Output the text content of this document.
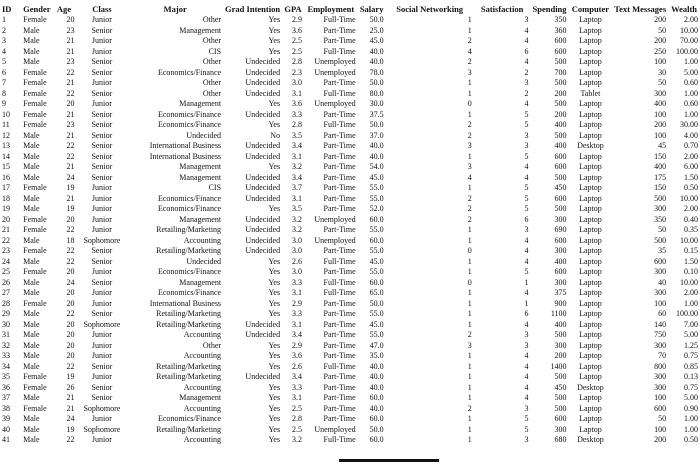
ID	Gender	Age	Class	Major	Grad Intention	GPA	Employment	Salary	Social Networking	Satisfaction	Spending	Computer	Text Messages	Wealth
1	Female	20	Junior	Other	Yes	2.9	Full-Time	50.0	1	3	350	Laptop	200	2.00
2	Male	23	Senior	Management	Yes	3.6	Part-Time	25.0	1	4	360	Laptop	50	10.00
3	Male	21	Junior	Other	Yes	2.5	Part-Time	45.0	2	4	600	Laptop	200	70.00
4	Male	21	Junior	CIS	Yes	2.5	Full-Time	40.0	4	6	600	Laptop	250	100.00
5	Male	23	Senior	Other	Undecided	2.8	Unemployed	40.0	2	4	500	Laptop	100	1.00
6	Female	22	Senior	Economics/Finance	Undecided	2.3	Unemployed	78.0	3	2	700	Laptop	30	5.00
7	Female	21	Junior	Other	Undecided	3.0	Part-Time	50.0	1	3	500	Laptop	50	0.60
8	Female	22	Senior	Other	Undecided	3.1	Full-Time	80.0	1	2	200	Tablet	300	1.00
9	Female	20	Junior	Management	Yes	3.6	Unemployed	30.0	0	4	500	Laptop	400	0.60
10	Female	21	Senior	Economics/Finance	Undecided	3.3	Part-Time	37.5	1	5	200	Laptop	100	1.00
11	Female	23	Senior	Economics/Finance	Yes	2.8	Full-Time	50.0	2	5	400	Laptop	200	30.00
12	Male	21	Senior	Undecided	No	3.5	Part-Time	37.0	2	3	500	Laptop	100	4.00
13	Male	22	Senior	International Business	Undecided	3.4	Part-Time	40.0	3	3	400	Desktop	45	0.70
14	Male	22	Senior	International Business	Undecided	3.1	Part-Time	40.0	1	5	600	Laptop	150	2.00
15	Male	21	Senior	Management	Yes	3.2	Part-Time	54.0	3	4	600	Laptop	400	6.00
16	Male	24	Senior	Management	Undecided	3.4	Part-Time	45.0	4	4	500	Laptop	175	1.50
17	Female	19	Junior	CIS	Undecided	3.7	Part-Time	55.0	1	5	450	Laptop	150	0.50
18	Male	21	Junior	Economics/Finance	Undecided	3.1	Part-Time	55.0	2	5	600	Laptop	500	10.00
19	Male	19	Junior	Economics/Finance	Yes	3.5	Part-Time	52.0	2	5	500	Laptop	300	2.00
20	Female	20	Junior	Management	Undecided	3.2	Unemployed	60.0	2	6	300	Laptop	350	0.40
21	Female	22	Junior	Retailing/Marketing	Undecided	3.2	Part-Time	55.0	1	3	690	Laptop	50	0.35
22	Male	18	Sophomore	Accounting	Undecided	3.0	Unemployed	60.0	1	4	600	Laptop	500	10.00
23	Female	22	Senior	Retailing/Marketing	Undecided	3.0	Part-Time	55.0	0	4	300	Laptop	35	0.15
24	Male	22	Senior	Undecided	Yes	2.6	Full-Time	45.0	1	4	400	Laptop	600	1.50
25	Female	20	Junior	Economics/Finance	Yes	3.0	Part-Time	55.0	1	5	600	Laptop	300	0.10
26	Male	24	Senior	Management	Yes	3.3	Full-Time	60.0	0	1	300	Laptop	40	10.00
27	Male	20	Junior	Economics/Finance	Yes	3.1	Full-Time	65.0	1	4	375	Laptop	300	2.00
28	Female	20	Junior	International Business	Yes	2.9	Part-Time	50.0	1	1	900	Laptop	100	1.00
29	Male	22	Senior	Retailing/Marketing	Yes	3.3	Part-Time	55.0	1	6	1100	Laptop	60	100.00
30	Male	20	Sophomore	Retailing/Marketing	Undecided	3.1	Part-Time	45.0	1	4	400	Laptop	140	7.00
31	Male	20	Junior	Accounting	Undecided	3.4	Part-Time	55.0	2	3	500	Laptop	750	5.00
32	Male	20	Junior	Other	Yes	2.9	Part-Time	47.0	3	3	300	Laptop	300	1.25
33	Male	20	Junior	Accounting	Yes	3.6	Part-Time	35.0	1	4	200	Laptop	70	0.75
34	Male	22	Senior	Retailing/Marketing	Yes	2.6	Full-Time	40.0	1	4	1400	Laptop	800	0.85
35	Female	19	Junior	Retailing/Marketing	Undecided	3.4	Part-Time	40.0	1	4	500	Laptop	300	0.13
36	Female	26	Senior	Accounting	Yes	3.3	Part-Time	40.0	1	4	450	Desktop	300	0.75
37	Male	21	Senior	Management	Yes	3.1	Part-Time	60.0	1	4	500	Laptop	100	5.00
38	Female	21	Sophomore	Accounting	Yes	2.5	Part-Time	40.0	2	3	500	Laptop	600	0.90
39	Male	24	Junior	Economics/Finance	Yes	2.8	Part-Time	60.0	1	5	600	Laptop	50	1.00
40	Male	19	Sophomore	Retailing/Marketing	Yes	2.5	Unemployed	50.0	1	5	300	Laptop	100	1.00
41	Male	22	Junior	Accounting	Yes	3.2	Full-Time	60.0	1	3	680	Desktop	200	0.50
